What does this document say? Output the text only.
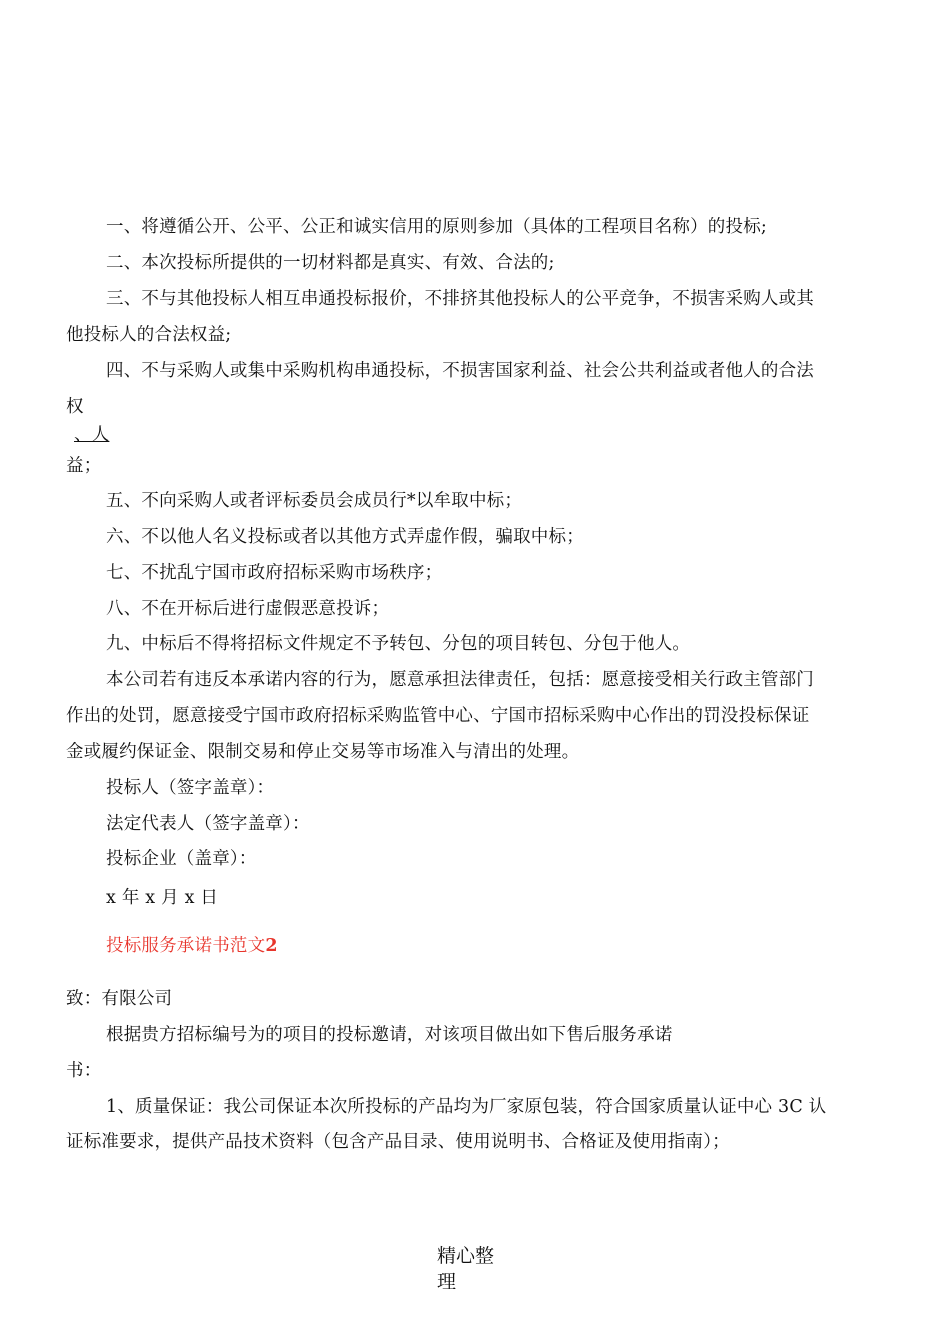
一、将遵循公开、公平、公正和诚实信用的原则参加（具体的工程项目名称）的投标;
二、本次投标所提供的一切材料都是真实、有效、合法的;
三、不与其他投标人相互串通投标报价，不排挤其他投标人的公平竞争，不损害采购人或其
他投标人的合法权益;
四、不与采购人或集中采购机构串通投标，不损害国家利益、社会公共利益或者他人的合法
权
、人
益；
五、不向采购人或者评标委员会成员行*以牟取中标；
六、不以他人名义投标或者以其他方式弄虚作假，骗取中标；
七、不扰乱宁国市政府招标采购市场秩序；
八、不在开标后进行虚假恶意投诉；
九、中标后不得将招标文件规定不予转包、分包的项目转包、分包于他人。
本公司若有违反本承诺内容的行为，愿意承担法律责任，包括：愿意接受相关行政主管部门
作出的处罚，愿意接受宁国市政府招标采购监管中心、宁国市招标采购中心作出的罚没投标保证
金或履约保证金、限制交易和停止交易等市场准入与清出的处理。
投标人（签字盖章）：
法定代表人（签字盖章）：
投标企业（盖章）：
x 年 x 月 x 日
投标服务承诺书范文2
致：有限公司
根据贵方招标编号为的项目的投标邀请，对该项目做出如下售后服务承诺
书：
1、质量保证：我公司保证本次所投标的产品均为厂家原包装，符合国家质量认证中心 3C 认
证标准要求，提供产品技术资料（包含产品目录、使用说明书、合格证及使用指南）；
精心整
理
